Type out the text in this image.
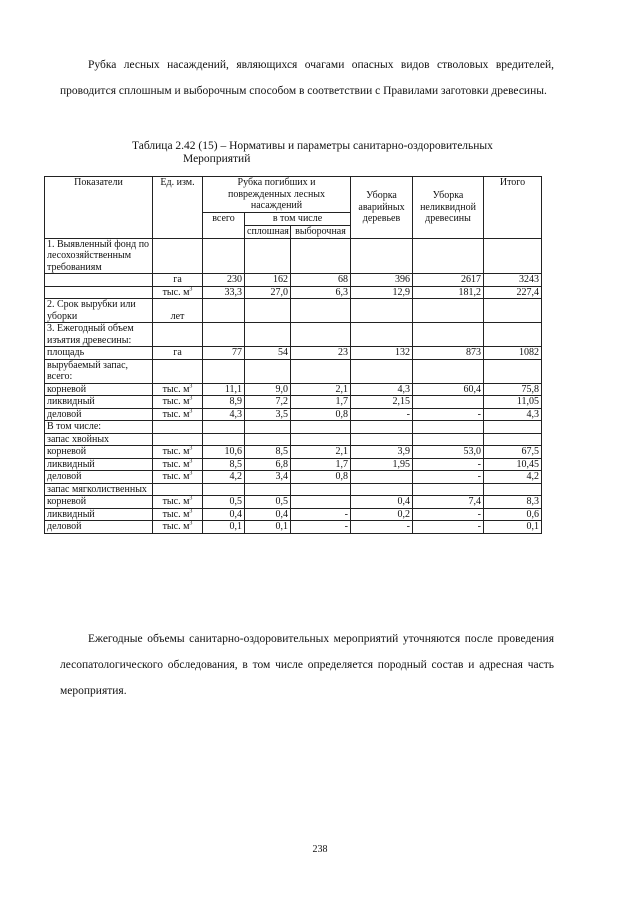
Рубка лесных насаждений, являющихся очагами опасных видов стволовых вредителей, проводится сплошным и выборочным способом в соответствии с Правилами заготовки древесины.

Таблица 2.42 (15) – Нормативы и параметры санитарно-оздоровительных
Мероприятий
Показатели	Ед. изм.	Рубка погибших и поврежденных лесных насаждений			Уборка аварийных деревьев	Уборка неликвидной древесины	Итого
		всего	в том числе				
			сплошная	выборочная			
1. Выявленный фонд по лесохозяйственным требованиям							
	га	230	162	68	396	2617	3243
	тыс. $м^3$	33,3	27,0	6,3	12,9	181,2	227,4
2. Срок вырубки или уборки	лет						
3. Ежегодный объем изъятия древесины:							
площадь	га	77	54	23	132	873	1082
вырубаемый запас, всего:							
корневой	тыс. $м^3$	11,1	9,0	2,1	4,3	60,4	75,8
ликвидный	тыс. $м^3$	8,9	7,2	1,7	2,15		11,05
деловой	тыс. $м^3$	4,3	3,5	0,8	-	-	4,3
В том числе:							
запас хвойных							
корневой	тыс. $м^3$	10,6	8,5	2,1	3,9	53,0	67,5
ликвидный	тыс. $м^3$	8,5	6,8	1,7	1,95	-	10,45
деловой	тыс. $м^3$	4,2	3,4	0,8		-	4,2
запас мягколиственных							
корневой	тыс. $м^3$	0,5	0,5		0,4	7,4	8,3
ликвидный	тыс. $м^3$	0,4	0,4	-	0,2	-	0,6
деловой	тыс. $м^3$	0,1	0,1	-	-	-	0,1

Ежегодные объемы санитарно-оздоровительных мероприятий уточняются после проведения лесопатологического обследования, в том числе определяется породный состав и адресная часть мероприятия.

238
